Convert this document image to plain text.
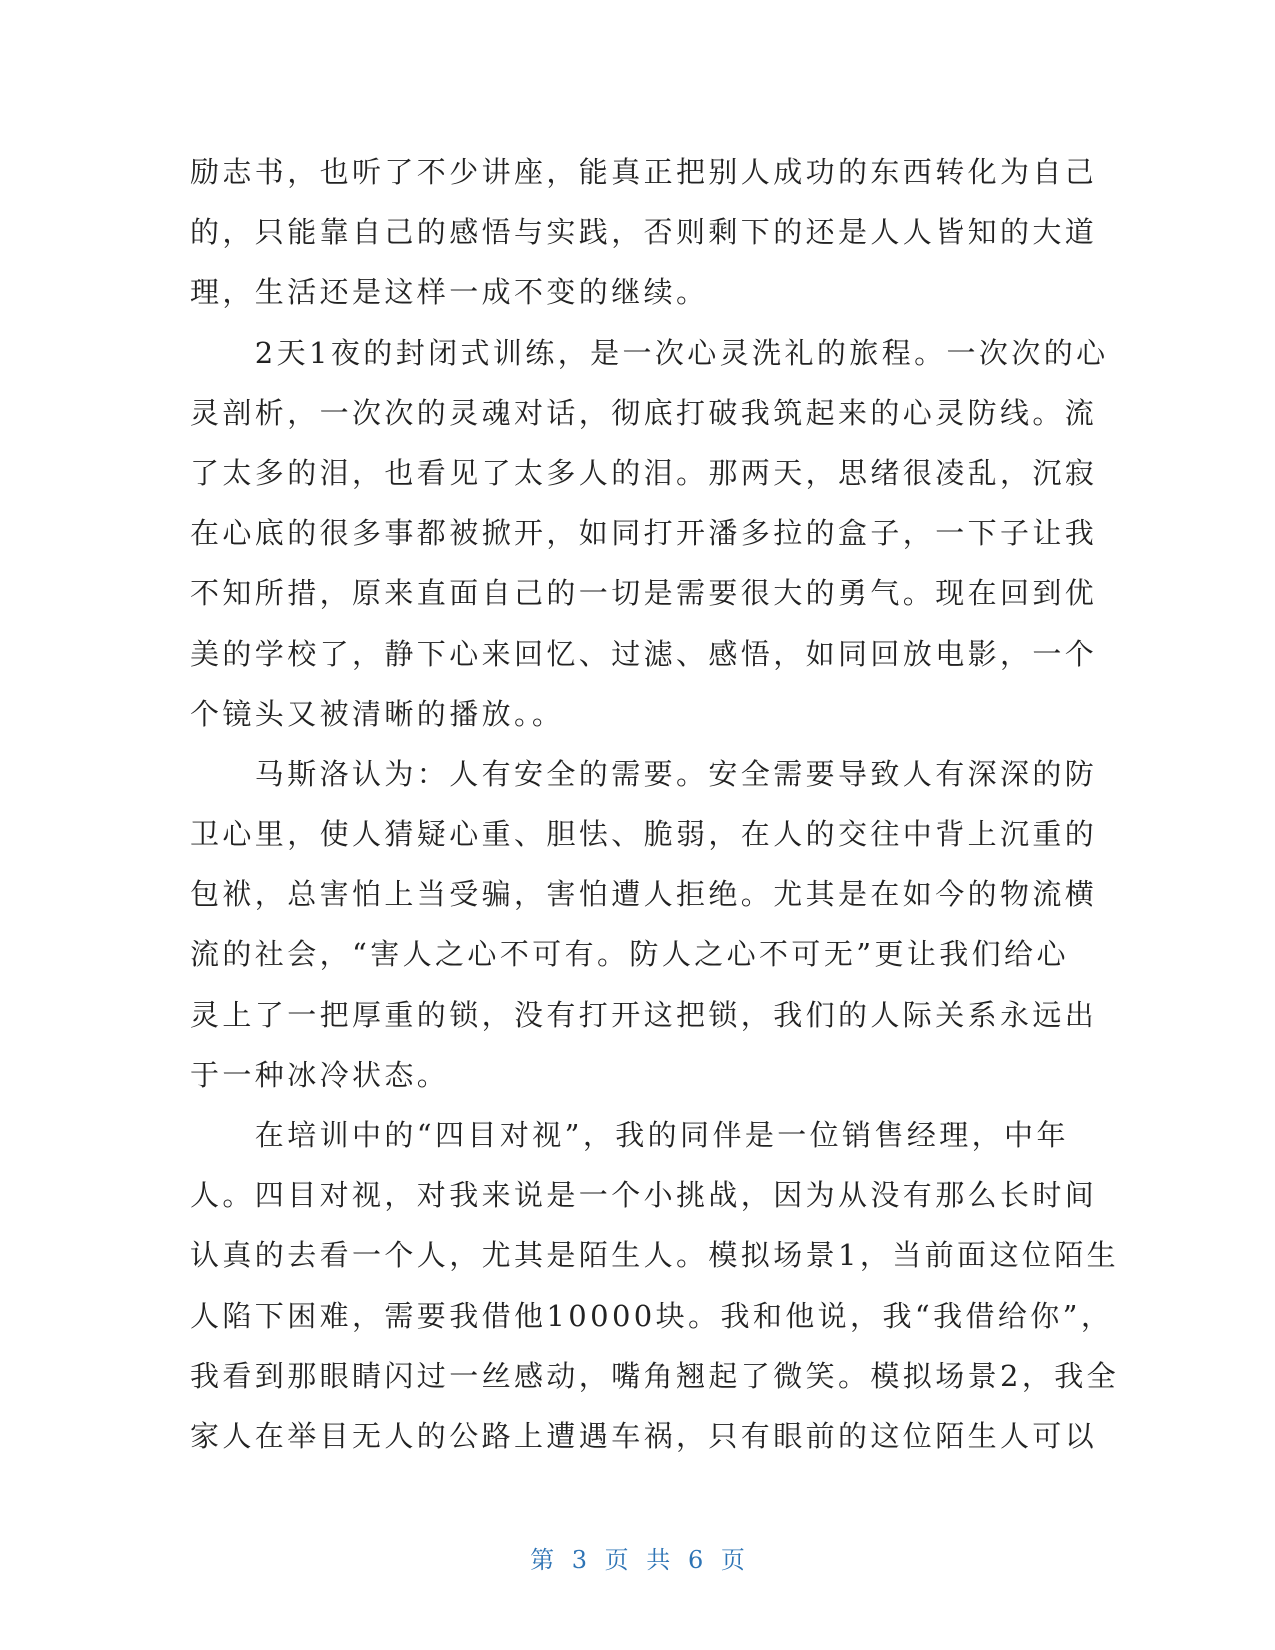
励志书，也听了不少讲座，能真正把别人成功的东西转化为自己
的，只能靠自己的感悟与实践，否则剩下的还是人人皆知的大道
理，生活还是这样一成不变的继续。
　　2天1夜的封闭式训练，是一次心灵洗礼的旅程。一次次的心
灵剖析，一次次的灵魂对话，彻底打破我筑起来的心灵防线。流
了太多的泪，也看见了太多人的泪。那两天，思绪很凌乱，沉寂
在心底的很多事都被掀开，如同打开潘多拉的盒子，一下子让我
不知所措，原来直面自己的一切是需要很大的勇气。现在回到优
美的学校了，静下心来回忆、过滤、感悟，如同回放电影，一个
个镜头又被清晰的播放。。
　　马斯洛认为：人有安全的需要。安全需要导致人有深深的防
卫心里，使人猜疑心重、胆怯、脆弱，在人的交往中背上沉重的
包袱，总害怕上当受骗，害怕遭人拒绝。尤其是在如今的物流横
流的社会，“害人之心不可有。防人之心不可无”更让我们给心
灵上了一把厚重的锁，没有打开这把锁，我们的人际关系永远出
于一种冰冷状态。
　　在培训中的“四目对视”，我的同伴是一位销售经理，中年
人。四目对视，对我来说是一个小挑战，因为从没有那么长时间
认真的去看一个人，尤其是陌生人。模拟场景1，当前面这位陌生
人陷下困难，需要我借他10000块。我和他说，我“我借给你”，
我看到那眼睛闪过一丝感动，嘴角翘起了微笑。模拟场景2，我全
家人在举目无人的公路上遭遇车祸，只有眼前的这位陌生人可以
第 3 页 共 6 页
